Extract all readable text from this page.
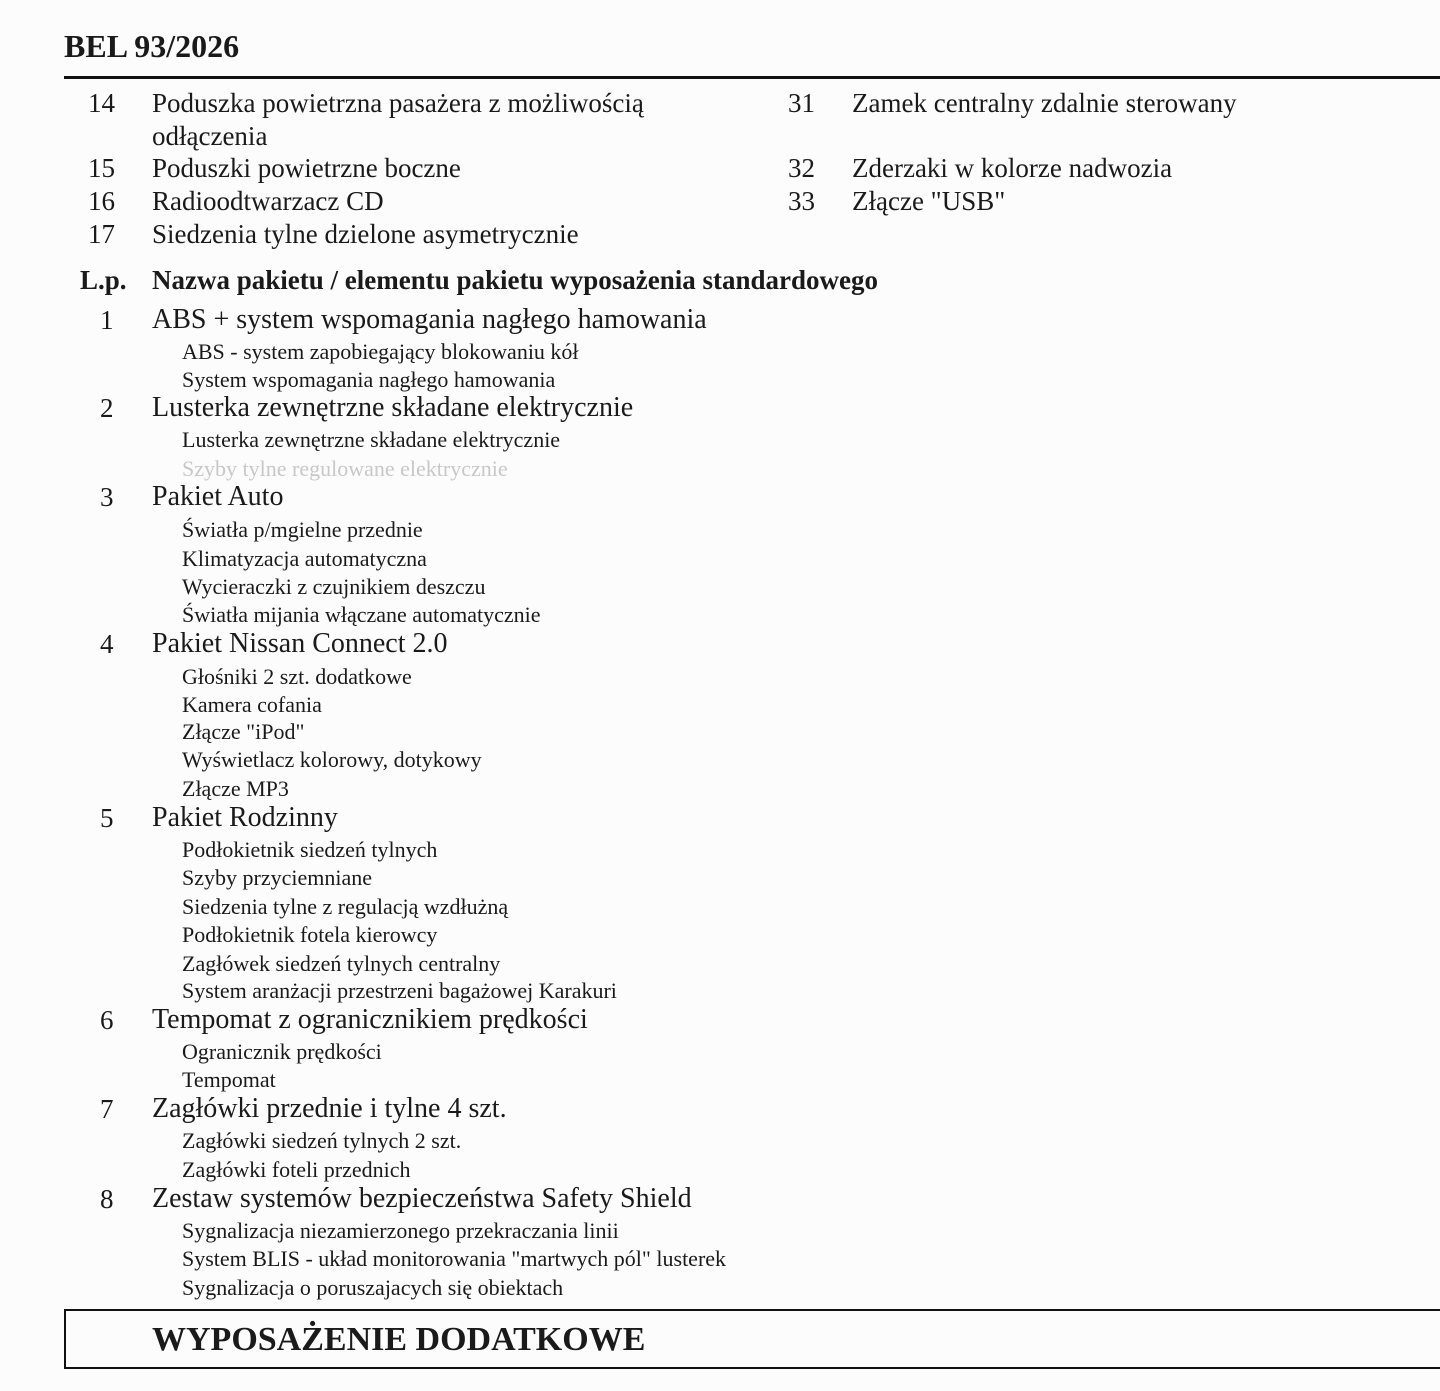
BEL 93/2026
14 Poduszka powietrzna pasażera z możliwością
odłączenia
15 Poduszki powietrzne boczne
16 Radioodtwarzacz CD
17 Siedzenia tylne dzielone asymetrycznie
31 Zamek centralny zdalnie sterowany
32 Zderzaki w kolorze nadwozia
33 Złącze "USB"
L.p. Nazwa pakietu / elementu pakietu wyposażenia standardowego
1 ABS + system wspomagania nagłego hamowania
ABS - system zapobiegający blokowaniu kół
System wspomagania nagłego hamowania
2 Lusterka zewnętrzne składane elektrycznie
Lusterka zewnętrzne składane elektrycznie
Szyby tylne regulowane elektrycznie
3 Pakiet Auto
Światła p/mgielne przednie
Klimatyzacja automatyczna
Wycieraczki z czujnikiem deszczu
Światła mijania włączane automatycznie
4 Pakiet Nissan Connect 2.0
Głośniki 2 szt. dodatkowe
Kamera cofania
Złącze "iPod"
Wyświetlacz kolorowy, dotykowy
Złącze MP3
5 Pakiet Rodzinny
Podłokietnik siedzeń tylnych
Szyby przyciemniane
Siedzenia tylne z regulacją wzdłużną
Podłokietnik fotela kierowcy
Zagłówek siedzeń tylnych centralny
System aranżacji przestrzeni bagażowej Karakuri
6 Tempomat z ogranicznikiem prędkości
Ogranicznik prędkości
Tempomat
7 Zagłówki przednie i tylne 4 szt.
Zagłówki siedzeń tylnych 2 szt.
Zagłówki foteli przednich
8 Zestaw systemów bezpieczeństwa Safety Shield
Sygnalizacja niezamierzonego przekraczania linii
System BLIS - układ monitorowania "martwych pól" lusterek
Sygnalizacja o poruszajacych się obiektach
WYPOSAŻENIE DODATKOWE
